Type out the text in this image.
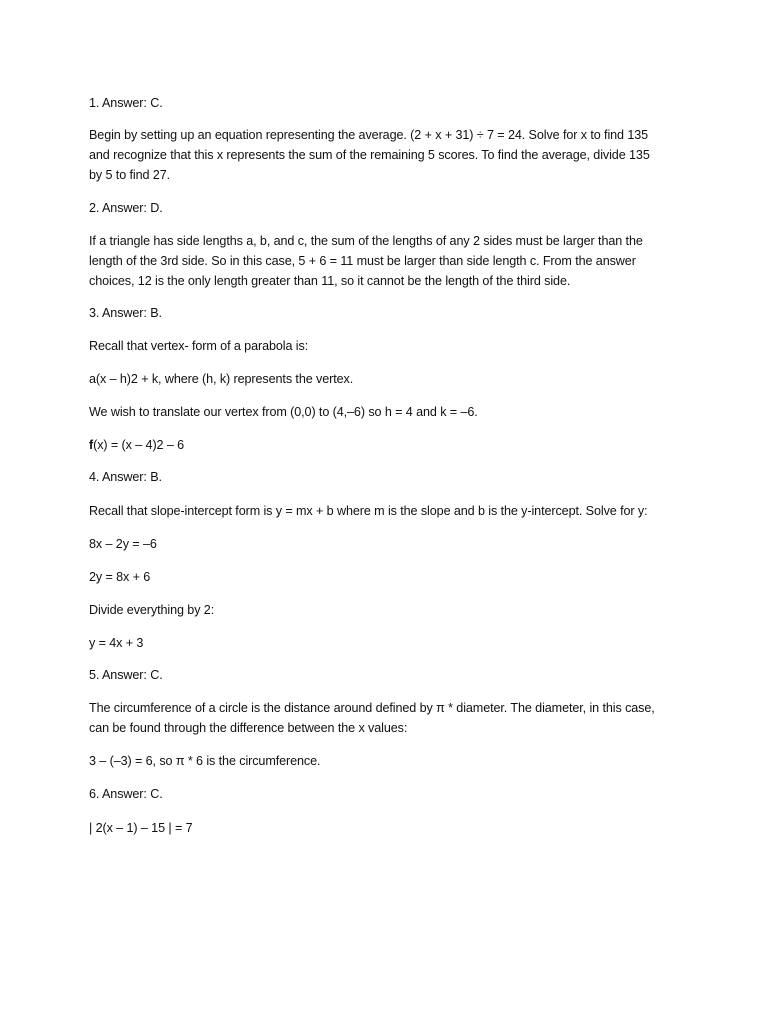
1. Answer: C.

Begin by setting up an equation representing the average. (2 + x + 31) ÷ 7 = 24. Solve for x to find 135

and recognize that this x represents the sum of the remaining 5 scores. To find the average, divide 135

by 5 to find 27.

2. Answer: D.

If a triangle has side lengths a, b, and c, the sum of the lengths of any 2 sides must be larger than the

length of the 3rd side. So in this case, 5 + 6 = 11 must be larger than side length c. From the answer

choices, 12 is the only length greater than 11, so it cannot be the length of the third side.

3. Answer: B.

Recall that vertex- form of a parabola is:

a(x – h)2 + k, where (h, k) represents the vertex.

We wish to translate our vertex from (0,0) to (4,–6) so h = 4 and k = –6.

f(x) = (x – 4)2 – 6

4. Answer: B.

Recall that slope-intercept form is y = mx + b where m is the slope and b is the y-intercept. Solve for y:

8x – 2y = –6

2y = 8x + 6

Divide everything by 2:

y = 4x + 3

5. Answer: C.

The circumference of a circle is the distance around defined by π * diameter. The diameter, in this case,

can be found through the difference between the x values:

3 – (–3) = 6, so π * 6 is the circumference.

6. Answer: C.

| 2(x – 1) – 15 | = 7
